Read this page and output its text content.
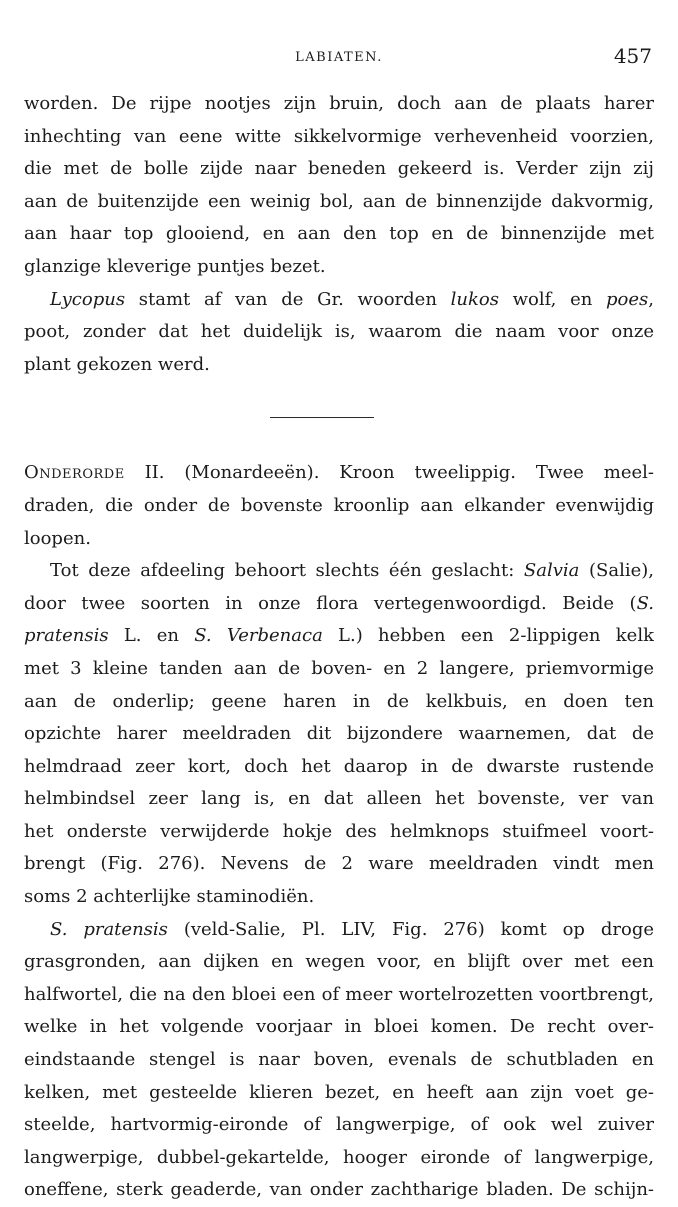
LABIATEN.	457
worden. De rijpe nootjes zijn bruin, doch aan de plaats harer
inhechting van eene witte sikkelvormige verhevenheid voorzien,
die met de bolle zijde naar beneden gekeerd is. Verder zijn zij
aan de buitenzijde een weinig bol, aan de binnenzijde dakvormig,
aan haar top glooiend, en aan den top en de binnenzijde met
glanzige kleverige puntjes bezet.
Lycopus stamt af van de Gr. woorden lukos wolf, en poes,
poot, zonder dat het duidelijk is, waarom die naam voor onze
plant gekozen werd.
Onderorde II. (Monardeeën). Kroon tweelippig. Twee meel-
draden, die onder de bovenste kroonlip aan elkander evenwijdig
loopen.
Tot deze afdeeling behoort slechts één geslacht: Salvia (Salie),
door twee soorten in onze flora vertegenwoordigd. Beide (S.
pratensis L. en S. Verbenaca L.) hebben een 2-lippigen kelk
met 3 kleine tanden aan de boven- en 2 langere, priemvormige
aan de onderlip; geene haren in de kelkbuis, en doen ten
opzichte harer meeldraden dit bijzondere waarnemen, dat de
helmdraad zeer kort, doch het daarop in de dwarste rustende
helmbindsel zeer lang is, en dat alleen het bovenste, ver van
het onderste verwijderde hokje des helmknops stuifmeel voort-
brengt (Fig. 276). Nevens de 2 ware meeldraden vindt men
soms 2 achterlijke staminodiën.
S. pratensis (veld-Salie, Pl. LIV, Fig. 276) komt op droge
grasgronden, aan dijken en wegen voor, en blijft over met een
halfwortel, die na den bloei een of meer wortelrozetten voortbrengt,
welke in het volgende voorjaar in bloei komen. De recht over-
eindstaande stengel is naar boven, evenals de schutbladen en
kelken, met gesteelde klieren bezet, en heeft aan zijn voet ge-
steelde, hartvormig-eironde of langwerpige, of ook wel zuiver
langwerpige, dubbel-gekartelde, hooger eironde of langwerpige,
oneffene, sterk geaderde, van onder zachtharige bladen. De schijn-
